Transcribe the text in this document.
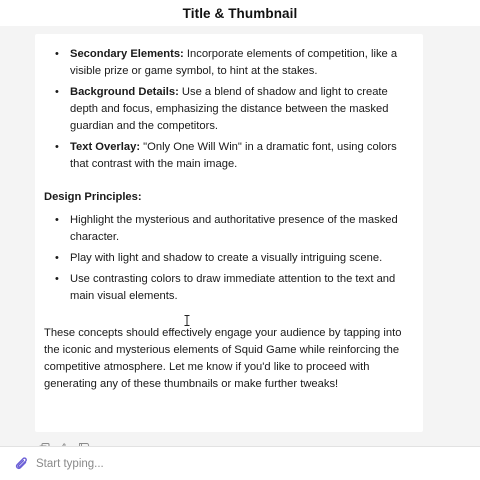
Title & Thumbnail
• Secondary Elements: Incorporate elements of competition, like a visible prize or game symbol, to hint at the stakes.
• Background Details: Use a blend of shadow and light to create depth and focus, emphasizing the distance between the masked guardian and the competitors.
• Text Overlay: "Only One Will Win" in a dramatic font, using colors that contrast with the main image.
Design Principles:
• Highlight the mysterious and authoritative presence of the masked character.
• Play with light and shadow to create a visually intriguing scene.
• Use contrasting colors to draw immediate attention to the text and main visual elements.

These concepts should effectively engage your audience by tapping into the iconic and mysterious elements of Squid Game while reinforcing the competitive atmosphere. Let me know if you'd like to proceed with generating any of these thumbnails or make further tweaks!

Start typing...
